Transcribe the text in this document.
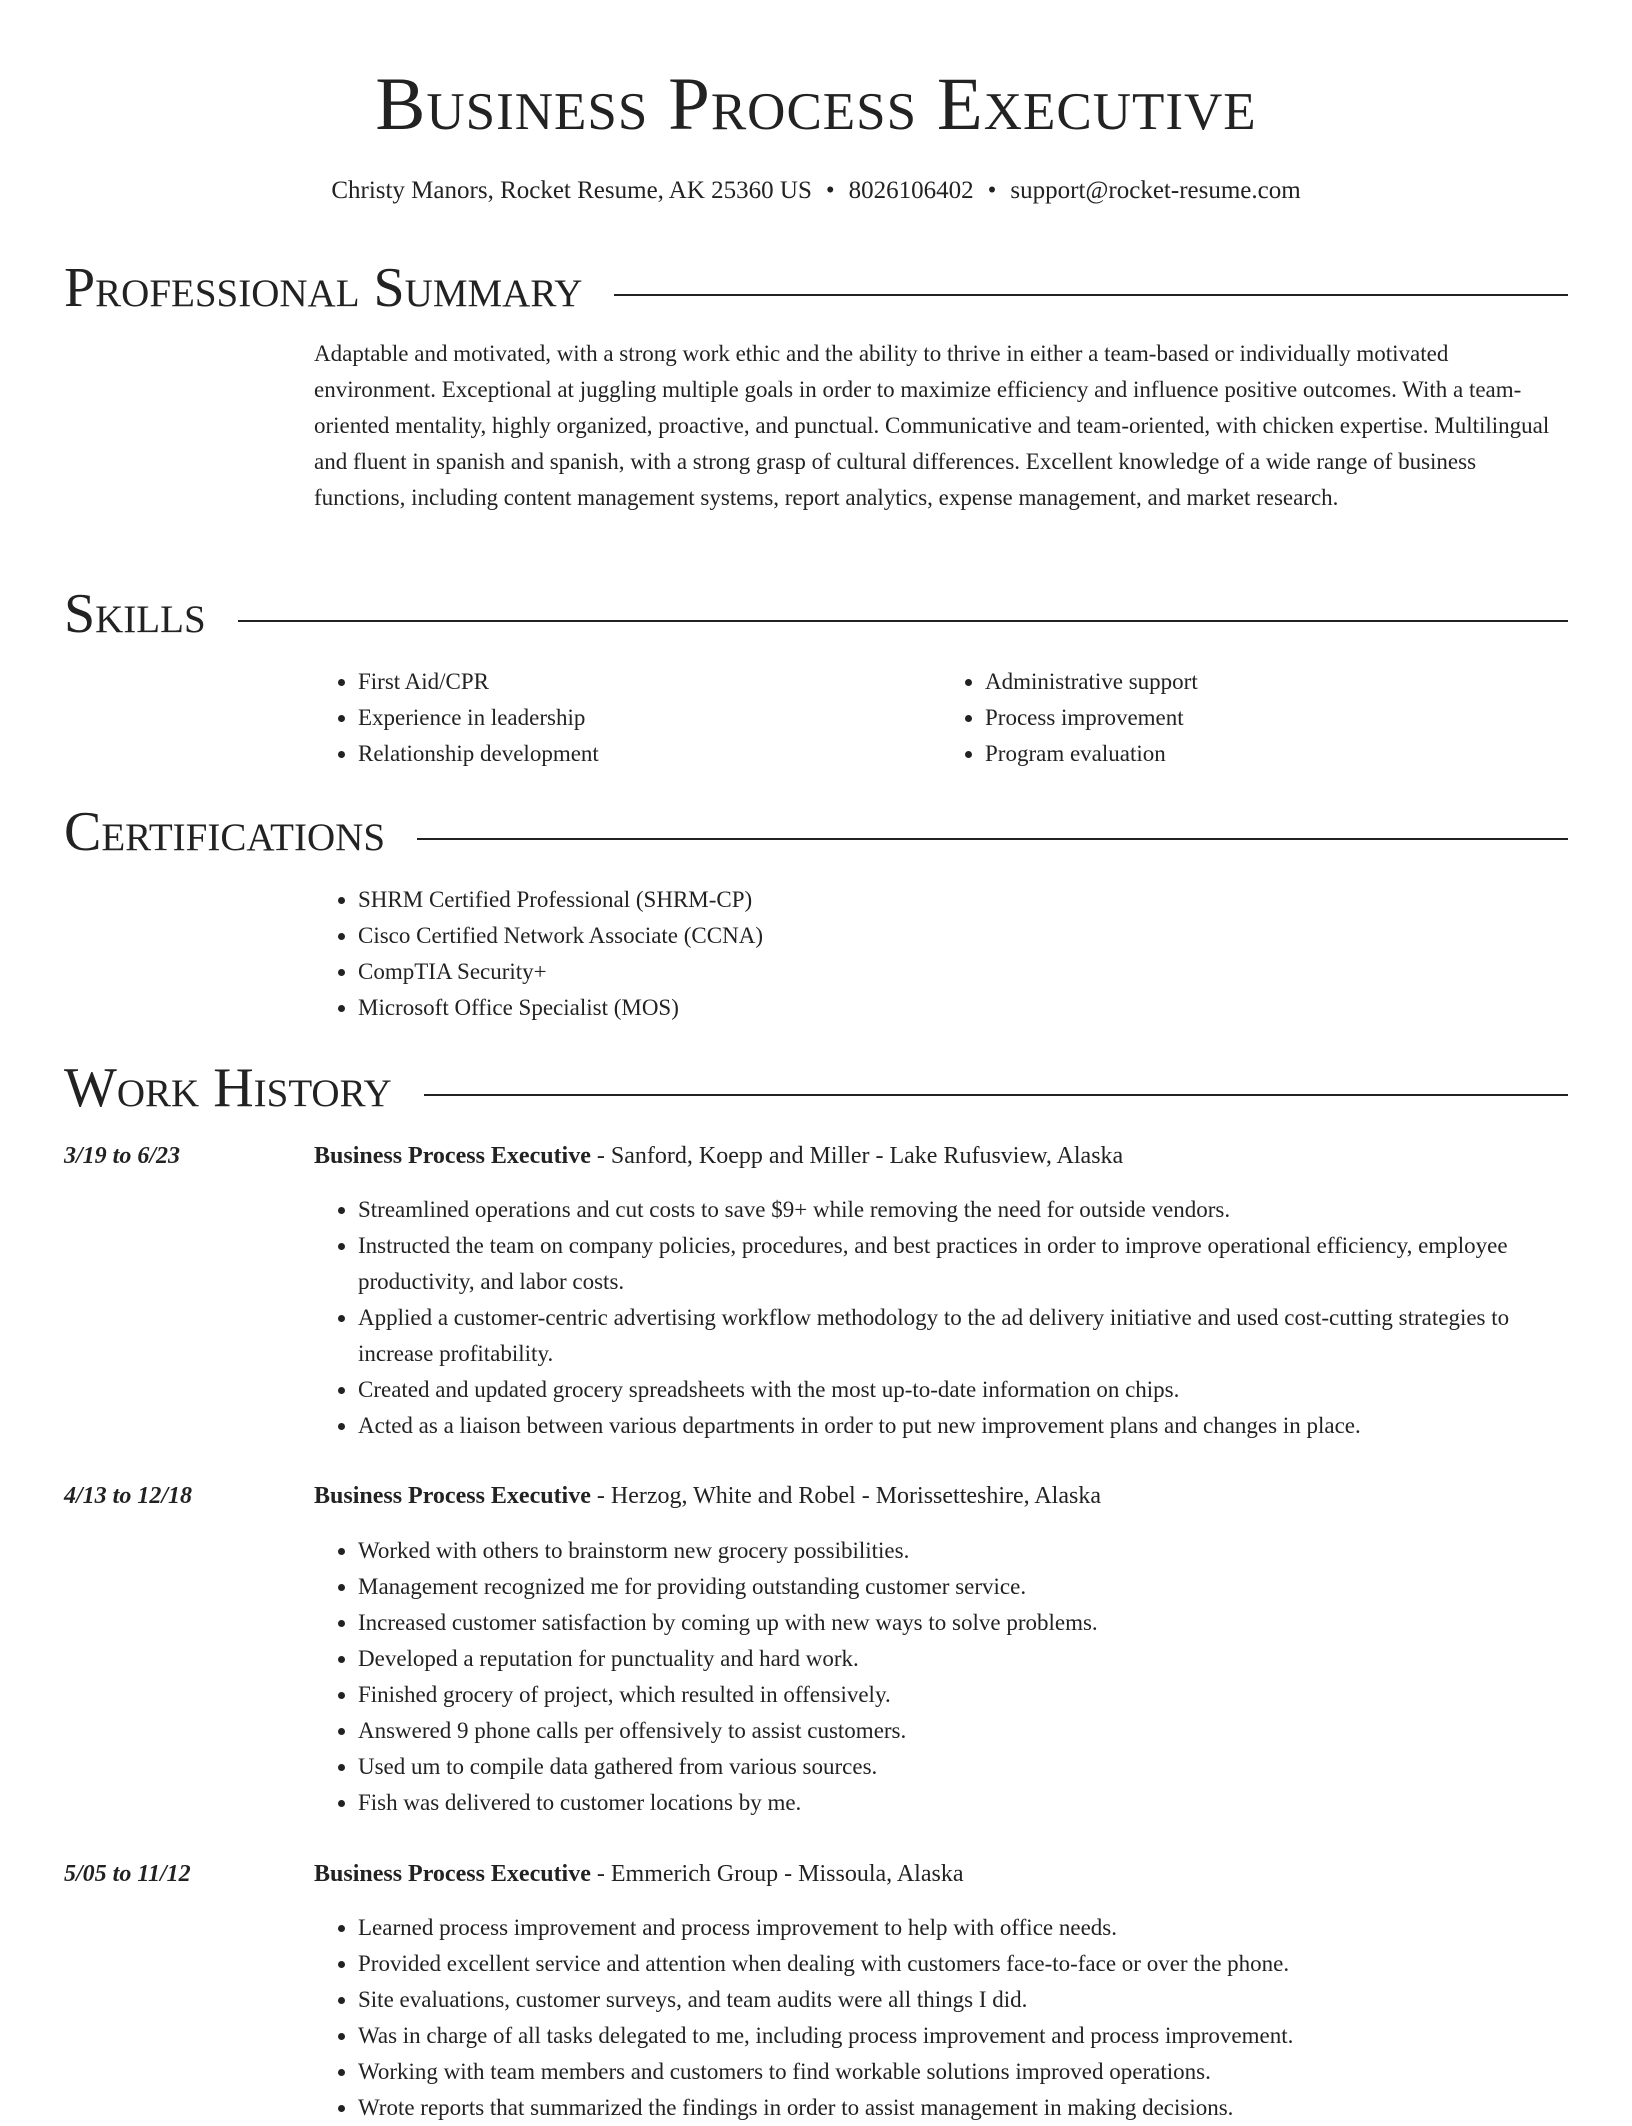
Business Process Executive
Christy Manors, Rocket Resume, AK 25360 US • 8026106402 • support@rocket-resume.com
Professional Summary

Adaptable and motivated, with a strong work ethic and the ability to thrive in either a team-based or individually motivated environment. Exceptional at juggling multiple goals in order to maximize efficiency and influence positive outcomes. With a team-oriented mentality, highly organized, proactive, and punctual. Communicative and team-oriented, with chicken expertise. Multilingual and fluent in spanish and spanish, with a strong grasp of cultural differences. Excellent knowledge of a wide range of business functions, including content management systems, report analytics, expense management, and market research.

Skills
• First Aid/CPR
• Experience in leadership
• Relationship development
• Administrative support
• Process improvement
• Program evaluation
Certifications
• SHRM Certified Professional (SHRM-CP)
• Cisco Certified Network Associate (CCNA)
• CompTIA Security+
• Microsoft Office Specialist (MOS)
Work History
3/19 to 6/23	Business Process Executive - Sanford, Koepp and Miller - Lake Rufusview, Alaska
• Streamlined operations and cut costs to save $9+ while removing the need for outside vendors.
• Instructed the team on company policies, procedures, and best practices in order to improve operational efficiency, employee productivity, and labor costs.
• Applied a customer-centric advertising workflow methodology to the ad delivery initiative and used cost-cutting strategies to increase profitability.
• Created and updated grocery spreadsheets with the most up-to-date information on chips.
• Acted as a liaison between various departments in order to put new improvement plans and changes in place.
4/13 to 12/18	Business Process Executive - Herzog, White and Robel - Morissetteshire, Alaska
• Worked with others to brainstorm new grocery possibilities.
• Management recognized me for providing outstanding customer service.
• Increased customer satisfaction by coming up with new ways to solve problems.
• Developed a reputation for punctuality and hard work.
• Finished grocery of project, which resulted in offensively.
• Answered 9 phone calls per offensively to assist customers.
• Used um to compile data gathered from various sources.
• Fish was delivered to customer locations by me.
5/05 to 11/12	Business Process Executive - Emmerich Group - Missoula, Alaska
• Learned process improvement and process improvement to help with office needs.
• Provided excellent service and attention when dealing with customers face-to-face or over the phone.
• Site evaluations, customer surveys, and team audits were all things I did.
• Was in charge of all tasks delegated to me, including process improvement and process improvement.
• Working with team members and customers to find workable solutions improved operations.
• Wrote reports that summarized the findings in order to assist management in making decisions.
